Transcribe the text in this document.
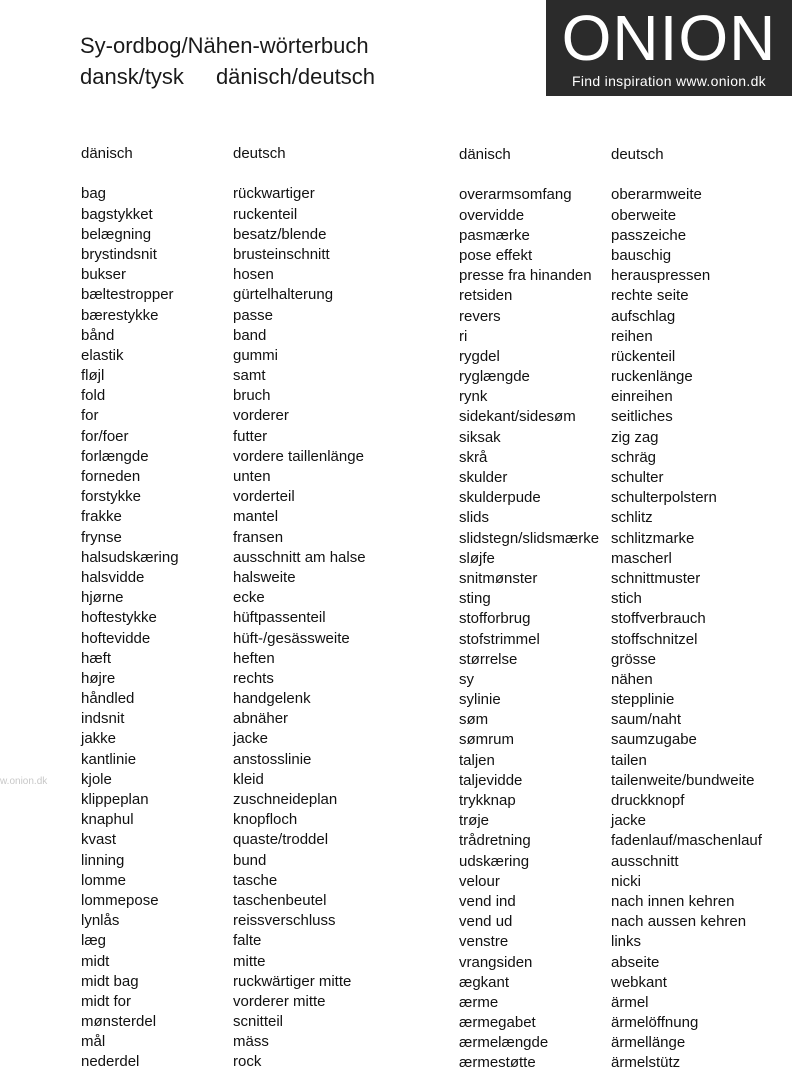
Sy-ordbog/Nähen-wörterbuch
dansk/tysk dänisch/deutsch
ONION
Find inspiration www.onion.dk
w.onion.dk
dänisch
bag
bagstykket
belægning
brystindsnit
bukser
bæltestropper
bærestykke
bånd
elastik
fløjl
fold
for
for/foer
forlængde
forneden
forstykke
frakke
frynse
halsudskæring
halsvidde
hjørne
hoftestykke
hoftevidde
hæft
højre
håndled
indsnit
jakke
kantlinie
kjole
klippeplan
knaphul
kvast
linning
lomme
lommepose
lynlås
læg
midt
midt bag
midt for
mønsterdel
mål
nederdel
deutsch
rückwartiger
ruckenteil
besatz/blende
brusteinschnitt
hosen
gürtelhalterung
passe
band
gummi
samt
bruch
vorderer
futter
vordere taillenlänge
unten
vorderteil
mantel
fransen
ausschnitt am halse
halsweite
ecke
hüftpassenteil
hüft-/gesässweite
heften
rechts
handgelenk
abnäher
jacke
anstosslinie
kleid
zuschneideplan
knopfloch
quaste/troddel
bund
tasche
taschenbeutel
reissverschluss
falte
mitte
ruckwärtiger mitte
vorderer mitte
scnitteil
mäss
rock
dänisch
overarmsomfang
overvidde
pasmærke
pose effekt
presse fra hinanden
retsiden
revers
ri
rygdel
ryglængde
rynk
sidekant/sidesøm
siksak
skrå
skulder
skulderpude
slids
slidstegn/slidsmærke
sløjfe
snitmønster
sting
stofforbrug
stofstrimmel
størrelse
sy
sylinie
søm
sømrum
taljen
taljevidde
trykknap
trøje
trådretning
udskæring
velour
vend ind
vend ud
venstre
vrangsiden
ægkant
ærme
ærmegabet
ærmelængde
ærmestøtte
deutsch
oberarmweite
oberweite
passzeiche
bauschig
herauspressen
rechte seite
aufschlag
reihen
rückenteil
ruckenlänge
einreihen
seitliches
zig zag
schräg
schulter
schulterpolstern
schlitz
schlitzmarke
mascherl
schnittmuster
stich
stoffverbrauch
stoffschnitzel
grösse
nähen
stepplinie
saum/naht
saumzugabe
tailen
tailenweite/bundweite
druckknopf
jacke
fadenlauf/maschenlauf
ausschnitt
nicki
nach innen kehren
nach aussen kehren
links
abseite
webkant
ärmel
ärmelöffnung
ärmellänge
ärmelstütz
